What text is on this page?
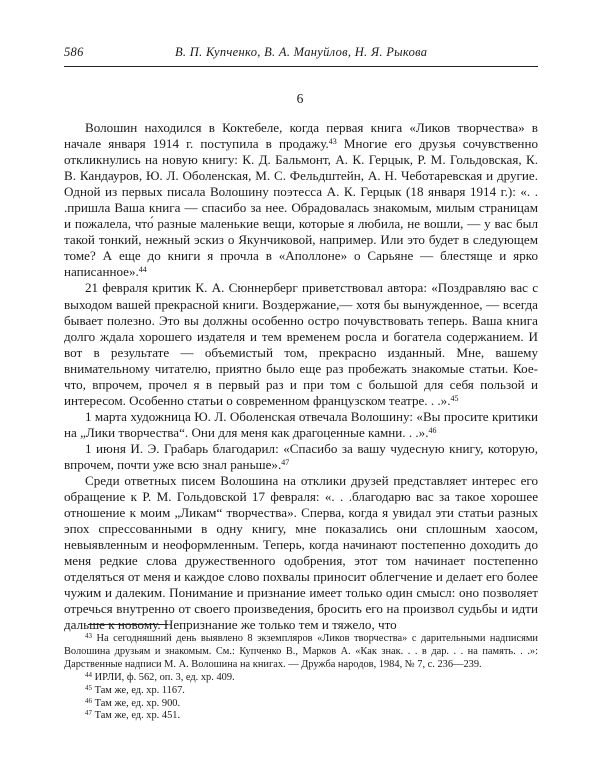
586	В. П. Купченко, В. А. Мануйлов, Н. Я. Рыкова
6

Волошин находился в Коктебеле, когда первая книга «Ликов творчества» в начале января 1914 г. поступила в продажу.$^{43}$ Многие его друзья сочувственно откликнулись на новую книгу: К. Д. Бальмонт, А. К. Герцык, Р. М. Гольдовская, К. В. Кандауров, Ю. Л. Оболенская, М. С. Фельдштейн, А. Н. Чеботаревская и другие. Одной из первых писала Волошину поэтесса А. К. Герцык (18 января 1914 г.): «. . .пришла Ваша книга — спасибо за нее. Обрадовалась знакомым, милым страницам и пожалела, что́ разные маленькие вещи, которые я любила, не вошли, — у вас был такой тонкий, нежный эскиз о Якунчиковой, например. Или это будет в следующем томе? А еще до книги я прочла в «Аполлоне» о Сарьяне — блестяще и ярко написанное».$^{44}$

21 февраля критик К. А. Сюннерберг приветствовал автора: «Поздравляю вас с выходом вашей прекрасной книги. Воздержание,— хотя бы вынужденное, — всегда бывает полезно. Это вы должны особенно остро почувствовать теперь. Ваша книга долго ждала хорошего издателя и тем временем росла и богатела содержанием. И вот в результате — объемистый том, прекрасно изданный. Мне, вашему внимательному читателю, приятно было еще раз пробежать знакомые статьи. Кое-что, впрочем, прочел я в первый раз и при том с большой для себя пользой и интересом. Особенно статьи о современном французском театре. . .».$^{45}$

1 марта художница Ю. Л. Оболенская отвечала Волошину: «Вы просите критики на „Лики творчества“. Они для меня как драгоценные камни. . .».$^{46}$

1 июня И. Э. Грабарь благодарил: «Спасибо за вашу чудесную книгу, которую, впрочем, почти уже всю знал раньше».$^{47}$

Среди ответных писем Волошина на отклики друзей представляет интерес его обращение к Р. М. Гольдовской 17 февраля: «. . .благодарю вас за такое хорошее отношение к моим „Ликам“ творчества». Сперва, когда я увидал эти статьи разных эпох спрессованными в одну книгу, мне показались они сплошным хаосом, невыявленным и неоформленным. Теперь, когда начинают постепенно доходить до меня редкие слова дружественного одобрения, этот том начинает постепенно отделяться от меня и каждое слово похвалы приносит облегчение и делает его более чужим и далеким. Понимание и признание имеет только один смысл: оно позволяет отречься внутренно от своего произведения, бросить его на произвол судьбы и идти дальше к новому. Непризнание же только тем и тяжело, что

$^{43}$ На сегодняшний день выявлено 8 экземпляров «Ликов творчества» с дарительными надписями Волошина друзьям и знакомым. См.: Купченко В., Марков А. «Как знак. . . в дар. . . на память. . .»: Дарственные надписи М. А. Волошина на книгах. — Дружба народов, 1984, № 7, с. 236—239.

$^{44}$ ИРЛИ, ф. 562, оп. 3, ед. хр. 409.

$^{45}$ Там же, ед. хр. 1167.

$^{46}$ Там же, ед. хр. 900.

$^{47}$ Там же, ед. хр. 451.
